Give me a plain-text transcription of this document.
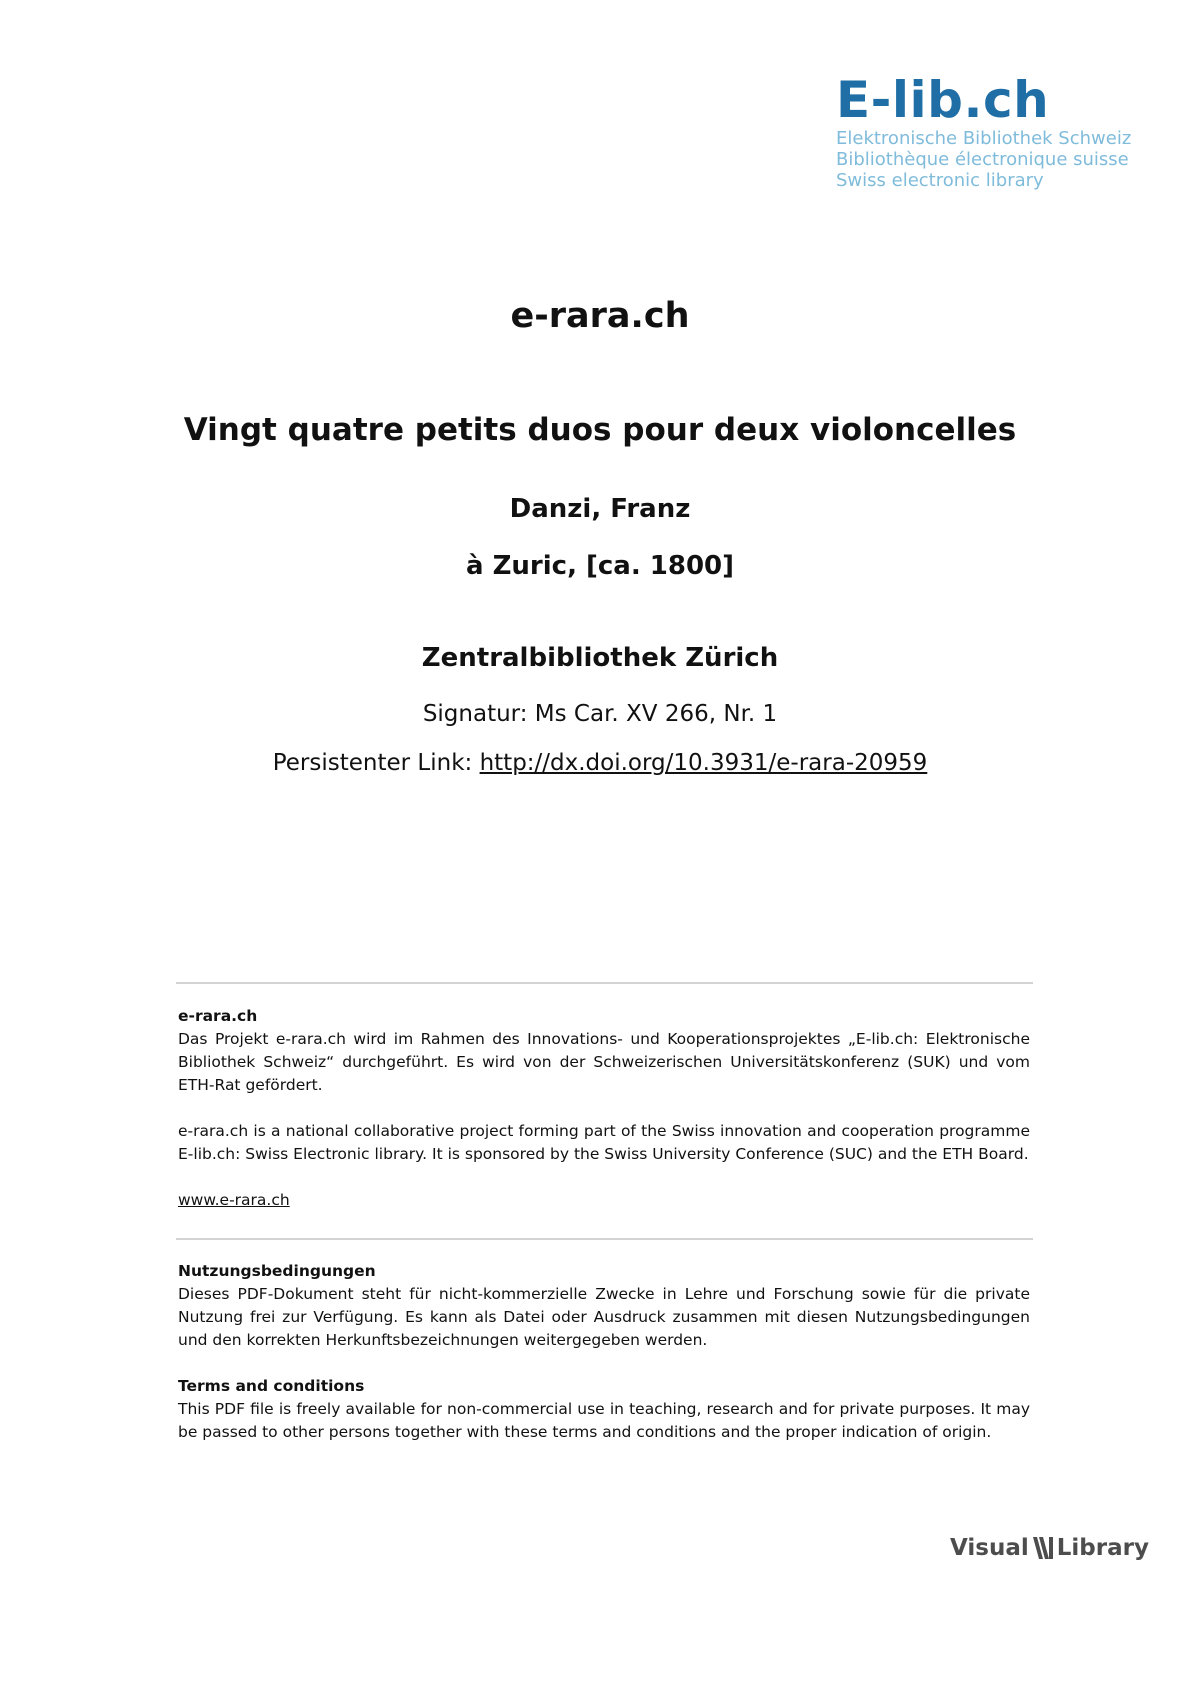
E-lib.ch
Elektronische Bibliothek Schweiz
Bibliothèque électronique suisse
Swiss electronic library
e-rara.ch
Vingt quatre petits duos pour deux violoncelles
Danzi, Franz
à Zuric, [ca. 1800]
Zentralbibliothek Zürich
Signatur: Ms Car. XV 266, Nr. 1
Persistenter Link: http://dx.doi.org/10.3931/e-rara-20959

e-rara.ch

Das Projekt e-rara.ch wird im Rahmen des Innovations- und Kooperationsprojektes „E-lib.ch: Elektronische Bibliothek Schweiz“ durchgeführt. Es wird von der Schweizerischen Universitätskonferenz (SUK) und vom ETH-Rat gefördert.

e-rara.ch is a national collaborative project forming part of the Swiss innovation and cooperation programme E-lib.ch: Swiss Electronic library. It is sponsored by the Swiss University Conference (SUC) and the ETH Board.

www.e-rara.ch

Nutzungsbedingungen

Dieses PDF-Dokument steht für nicht-kommerzielle Zwecke in Lehre und Forschung sowie für die private Nutzung frei zur Verfügung. Es kann als Datei oder Ausdruck zusammen mit diesen Nutzungsbedingungen und den korrekten Herkunftsbezeichnungen weitergegeben werden.

Terms and conditions

This PDF file is freely available for non-commercial use in teaching, research and for private purposes. It may be passed to other persons together with these terms and conditions and the proper indication of origin.

Visual Library
